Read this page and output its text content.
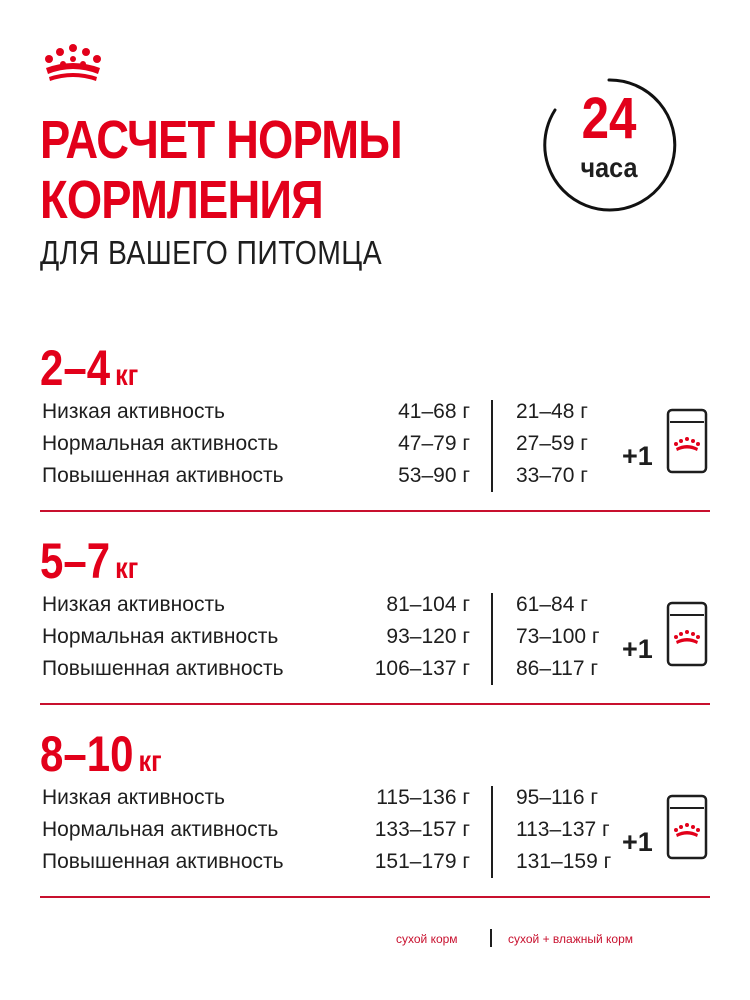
РАСЧЕТ НОРМЫ
КОРМЛЕНИЯ
ДЛЯ ВАШЕГО ПИТОМЦА
24
часа
2–4 кг
Низкая активность	41–68 г 21–48 г
Нормальная активность	47–79 г 27–59 г
Повышенная активность	53–90 г 33–70 г
+1
5–7 кг
Низкая активность	81–104 г 61–84 г
Нормальная активность	93–120 г 73–100 г
Повышенная активность	106–137 г 86–117 г
+1
8–10 кг
Низкая активность	115–136 г 95–116 г
Нормальная активность	133–157 г 113–137 г
Повышенная активность	151–179 г 131–159 г
+1
сухой корм	сухой + влажный корм
